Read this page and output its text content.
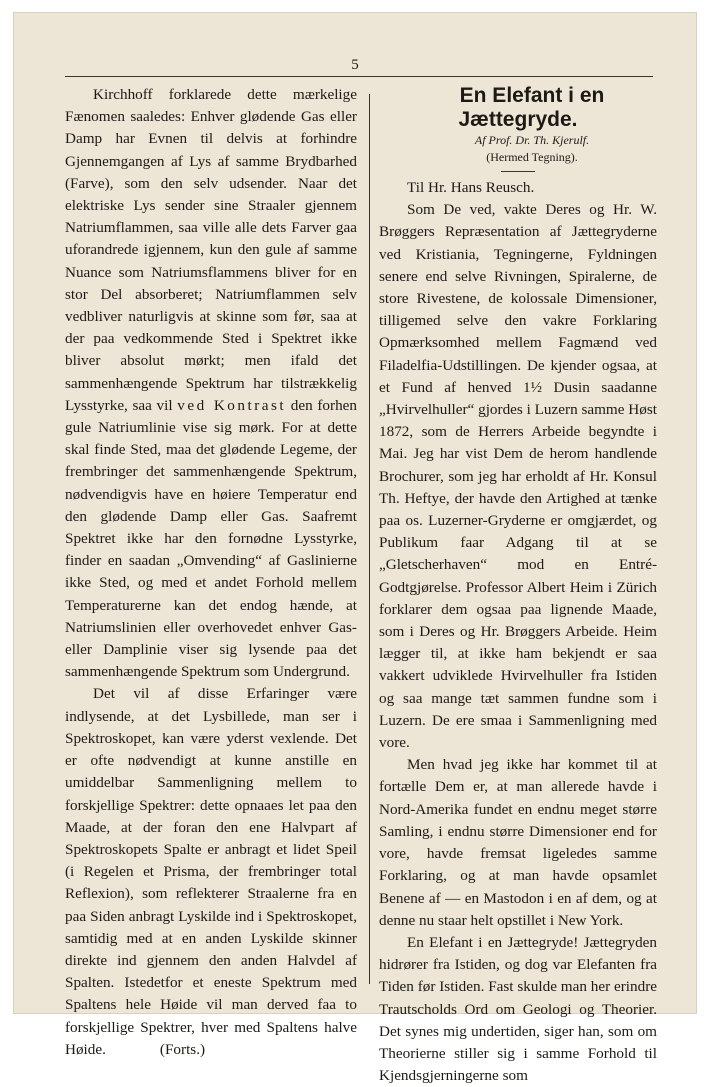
5

Kirchhoff forklarede dette mærkelige Fænomen saaledes: Enhver glødende Gas eller Damp har Evnen til delvis at forhindre Gjennemgangen af Lys af samme Brydbarhed (Farve), som den selv udsender. Naar det elektriske Lys sender sine Straaler gjennem Natriumflammen, saa ville alle dets Farver gaa uforandrede igjennem, kun den gule af samme Nuance som Natriumsflammens bliver for en stor Del absorberet; Natriumflammen selv vedbliver naturligvis at skinne som før, saa at der paa vedkommende Sted i Spektret ikke bliver absolut mørkt; men ifald det sammenhængende Spektrum har tilstrækkelig Lysstyrke, saa vil ved Kontrast den forhen gule Natriumlinie vise sig mørk. For at dette skal finde Sted, maa det glødende Legeme, der frembringer det sammenhængende Spektrum, nødvendigvis have en høiere Temperatur end den glødende Damp eller Gas. Saafremt Spektret ikke har den fornødne Lysstyrke, finder en saadan „Omvending“ af Gaslinierne ikke Sted, og med et andet Forhold mellem Temperaturerne kan det endog hænde, at Natriumslinien eller overhovedet enhver Gas- eller Damplinie viser sig lysende paa det sammenhængende Spektrum som Undergrund.

Det vil af disse Erfaringer være indlysende, at det Lysbillede, man ser i Spektroskopet, kan være yderst vexlende. Det er ofte nødvendigt at kunne anstille en umiddelbar Sammenligning mellem to forskjellige Spektrer: dette opnaaes let paa den Maade, at der foran den ene Halvpart af Spektroskopets Spalte er anbragt et lidet Speil (i Regelen et Prisma, der frembringer total Reflexion), som reflekterer Straalerne fra en paa Siden anbragt Lyskilde ind i Spektroskopet, samtidig med at en anden Lyskilde skinner direkte ind gjennem den anden Halvdel af Spalten. Istedetfor et eneste Spektrum med Spaltens hele Høide vil man derved faa to forskjellige Spektrer, hver med Spaltens halve Høide.	(Forts.)

En Elefant i en Jættegryde.

Af Prof. Dr. Th. Kjerulf.

(Hermed Tegning).

Til Hr. Hans Reusch.

Som De ved, vakte Deres og Hr. W. Brøggers Repræsentation af Jættegryderne ved Kristiania, Tegningerne, Fyldningen senere end selve Rivningen, Spiralerne, de store Rivestene, de kolossale Dimensioner, tilligemed selve den vakre Forklaring Opmærksomhed mellem Fagmænd ved Filadelfia-Udstillingen. De kjender ogsaa, at et Fund af henved 1½ Dusin saadanne „Hvirvelhuller“ gjordes i Luzern samme Høst 1872, som de Herrers Arbeide begyndte i Mai. Jeg har vist Dem de herom handlende Brochurer, som jeg har erholdt af Hr. Konsul Th. Heftye, der havde den Artighed at tænke paa os. Luzerner-Gryderne er omgjærdet, og Publikum faar Adgang til at se „Gletscherhaven“ mod en Entré-Godtgjørelse. Professor Albert Heim i Zürich forklarer dem ogsaa paa lignende Maade, som i Deres og Hr. Brøggers Arbeide. Heim lægger til, at ikke ham bekjendt er saa vakkert udviklede Hvirvelhuller fra Istiden og saa mange tæt sammen fundne som i Luzern. De ere smaa i Sammenligning med vore.

Men hvad jeg ikke har kommet til at fortælle Dem er, at man allerede havde i Nord-Amerika fundet en endnu meget større Samling, i endnu større Dimensioner end for vore, havde fremsat ligeledes samme Forklaring, og at man havde opsamlet Benene af — en Mastodon i en af dem, og at denne nu staar helt opstillet i New York.

En Elefant i en Jættegryde! Jættegryden hidrører fra Istiden, og dog var Elefanten fra Tiden før Istiden. Fast skulde man her erindre Trautscholds Ord om Geologi og Theorier. Det synes mig undertiden, siger han, som om Theorierne stiller sig i samme Forhold til Kjendsgjerningerne som
